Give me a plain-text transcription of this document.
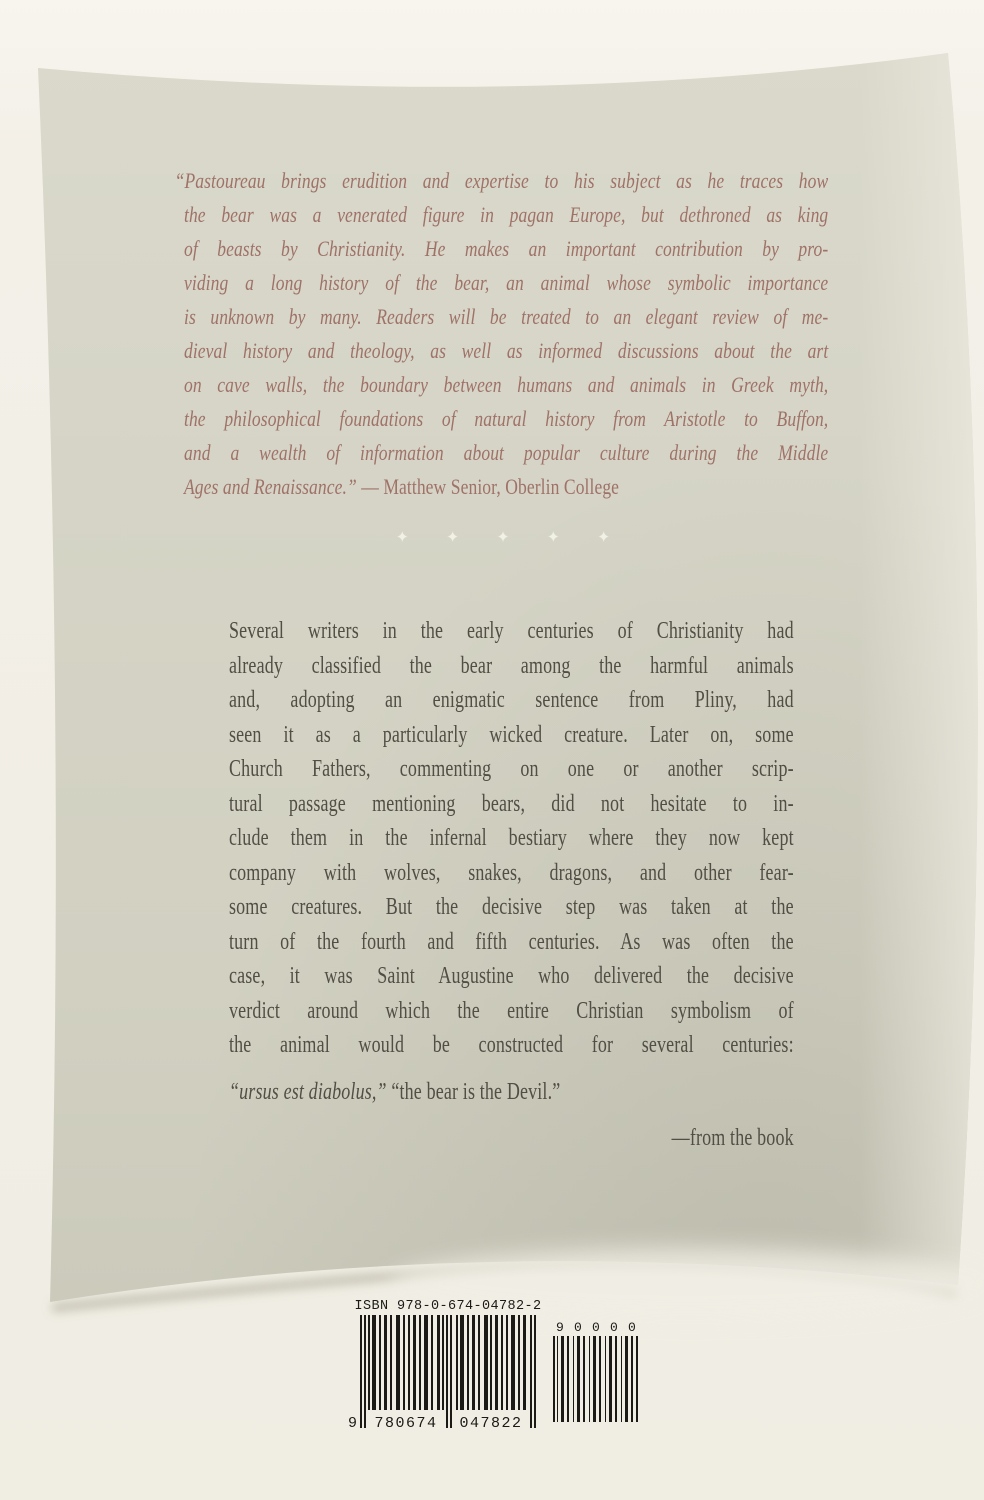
“Pastoureau brings erudition and expertise to his subject as he traces how
the bear was a venerated figure in pagan Europe, but dethroned as king
of beasts by Christianity. He makes an important contribution by pro-
viding a long history of the bear, an animal whose symbolic importance
is unknown by many. Readers will be treated to an elegant review of me-
dieval history and theology, as well as informed discussions about the art
on cave walls, the boundary between humans and animals in Greek myth,
the philosophical foundations of natural history from Aristotle to Buffon,
and a wealth of information about popular culture during the Middle
Ages and Renaissance.” — Matthew Senior, Oberlin College
✦	✦	✦	✦	✦
Several writers in the early centuries of Christianity had
already classified the bear among the harmful animals
and, adopting an enigmatic sentence from Pliny, had
seen it as a particularly wicked creature. Later on, some
Church Fathers, commenting on one or another scrip-
tural passage mentioning bears, did not hesitate to in-
clude them in the infernal bestiary where they now kept
company with wolves, snakes, dragons, and other fear-
some creatures. But the decisive step was taken at the
turn of the fourth and fifth centuries. As was often the
case, it was Saint Augustine who delivered the decisive
verdict around which the entire Christian symbolism of
the animal would be constructed for several centuries:
“ursus est diabolus,” “the bear is the Devil.”
—from the book
ISBN 978-0-674-04782-2
9 780674 047822
9 0 0 0 0
